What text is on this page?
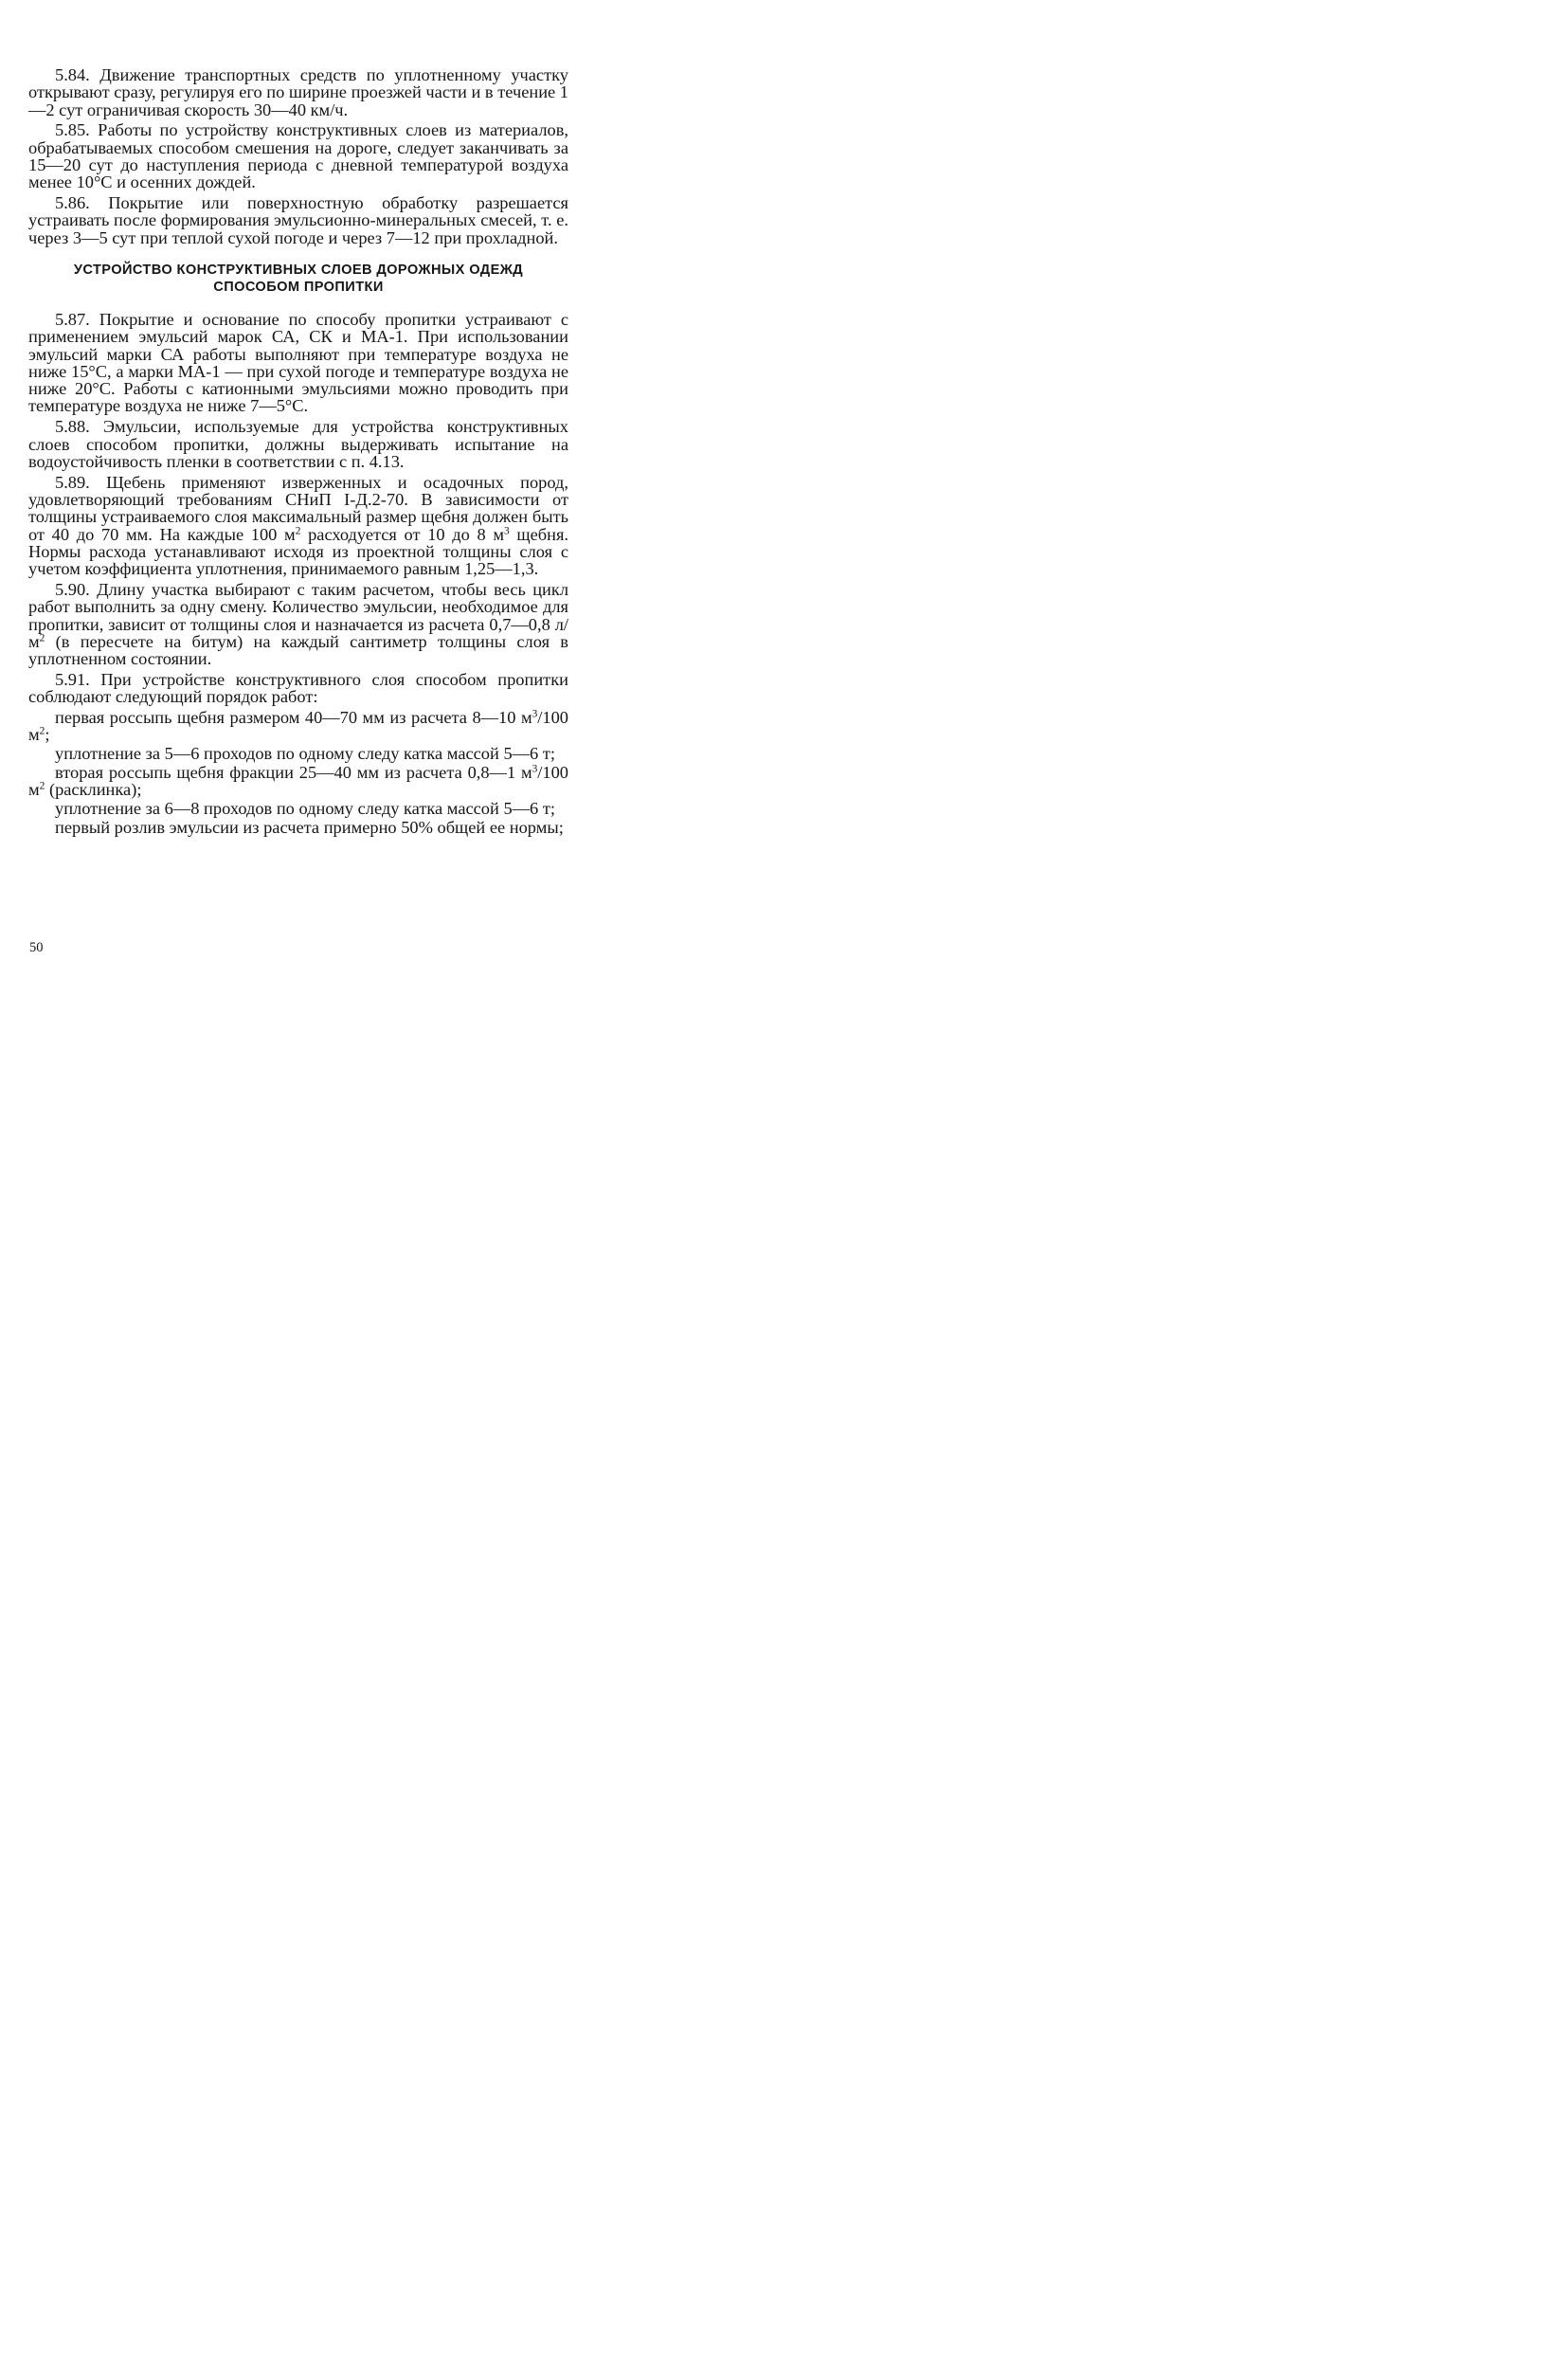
5.84. Движение транспортных средств по уплотненному участку открывают сразу, регулируя его по ширине проезжей части и в течение 1—2 сут ограничивая скорость 30—40 км/ч.

5.85. Работы по устройству конструктивных слоев из материалов, обрабатываемых способом смешения на дороге, следует заканчивать за 15—20 сут до наступления периода с дневной температурой воздуха менее 10°С и осенних дождей.

5.86. Покрытие или поверхностную обработку разрешается устраивать после формирования эмульсионно-минеральных смесей, т. е. через 3—5 сут при теплой сухой погоде и через 7—12 при прохладной.

УСТРОЙСТВО КОНСТРУКТИВНЫХ СЛОЕВ ДОРОЖНЫХ ОДЕЖД
СПОСОБОМ ПРОПИТКИ

5.87. Покрытие и основание по способу пропитки устраивают с применением эмульсий марок СА, СК и МА-1. При использовании эмульсий марки СА работы выполняют при температуре воздуха не ниже 15°С, а марки МА-1 — при сухой погоде и температуре воздуха не ниже 20°С. Работы с катионными эмульсиями можно проводить при температуре воздуха не ниже 7—5°С.

5.88. Эмульсии, используемые для устройства конструктивных слоев способом пропитки, должны выдерживать испытание на водоустойчивость пленки в соответствии с п. 4.13.

5.89. Щебень применяют изверженных и осадочных пород, удовлетворяющий требованиям СНиП I-Д.2-70. В зависимости от толщины устраиваемого слоя максимальный размер щебня должен быть от 40 до 70 мм. На каждые 100 $м^2$ расходуется от 10 до 8 $м^3$ щебня. Нормы расхода устанавливают исходя из проектной толщины слоя с учетом коэффициента уплотнения, принимаемого равным 1,25—1,3.

5.90. Длину участка выбирают с таким расчетом, чтобы весь цикл работ выполнить за одну смену. Количество эмульсии, необходимое для пропитки, зависит от толщины слоя и назначается из расчета 0,7—0,8 $л/м^2$ (в пересчете на битум) на каждый сантиметр толщины слоя в уплотненном состоянии.

5.91. При устройстве конструктивного слоя способом пропитки соблюдают следующий порядок работ:

первая россыпь щебня размером 40—70 мм из расчета 8—10 $м^3/100$ $м^2$;

уплотнение за 5—6 проходов по одному следу катка массой 5—6 т;

вторая россыпь щебня фракции 25—40 мм из расчета 0,8—1 $м^3/100$ $м^2$ (расклинка);

уплотнение за 6—8 проходов по одному следу катка массой 5—6 т;

первый розлив эмульсии из расчета примерно 50% общей ее нормы;

50
